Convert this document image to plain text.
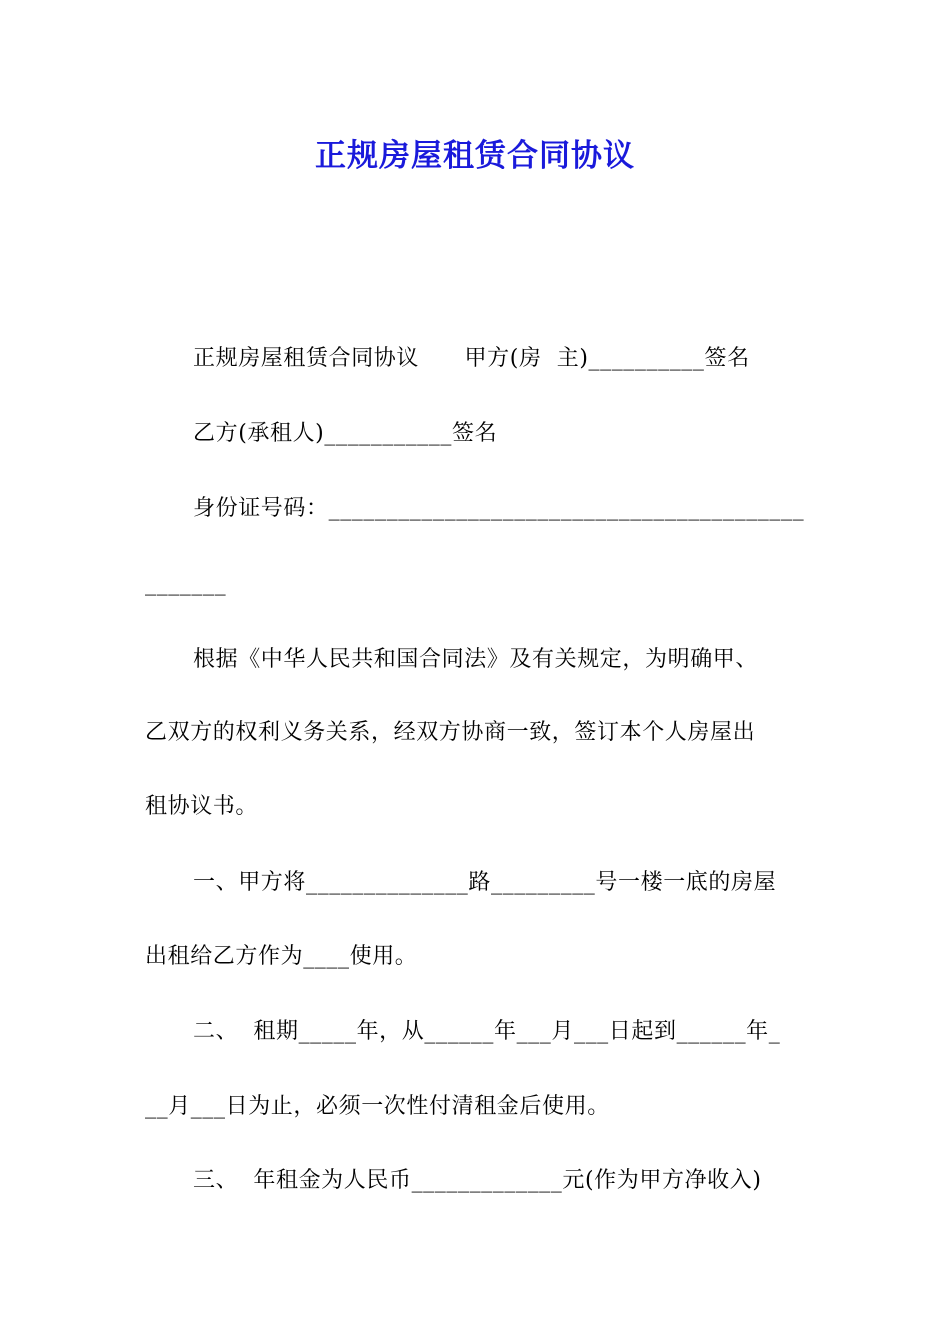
正规房屋租赁合同协议
正规房屋租赁合同协议      甲方(房  主)__________签名
乙方(承租人)___________签名
身份证号码：_________________________________________
_______
根据《中华人民共和国合同法》及有关规定，为明确甲、
乙双方的权利义务关系，经双方协商一致，签订本个人房屋出
租协议书。
一、甲方将______________路_________号一楼一底的房屋
出租给乙方作为____使用。
二、  租期_____年，从______年___月___日起到______年_
__月___日为止，必须一次性付清租金后使用。
三、  年租金为人民币_____________元(作为甲方净收入)
